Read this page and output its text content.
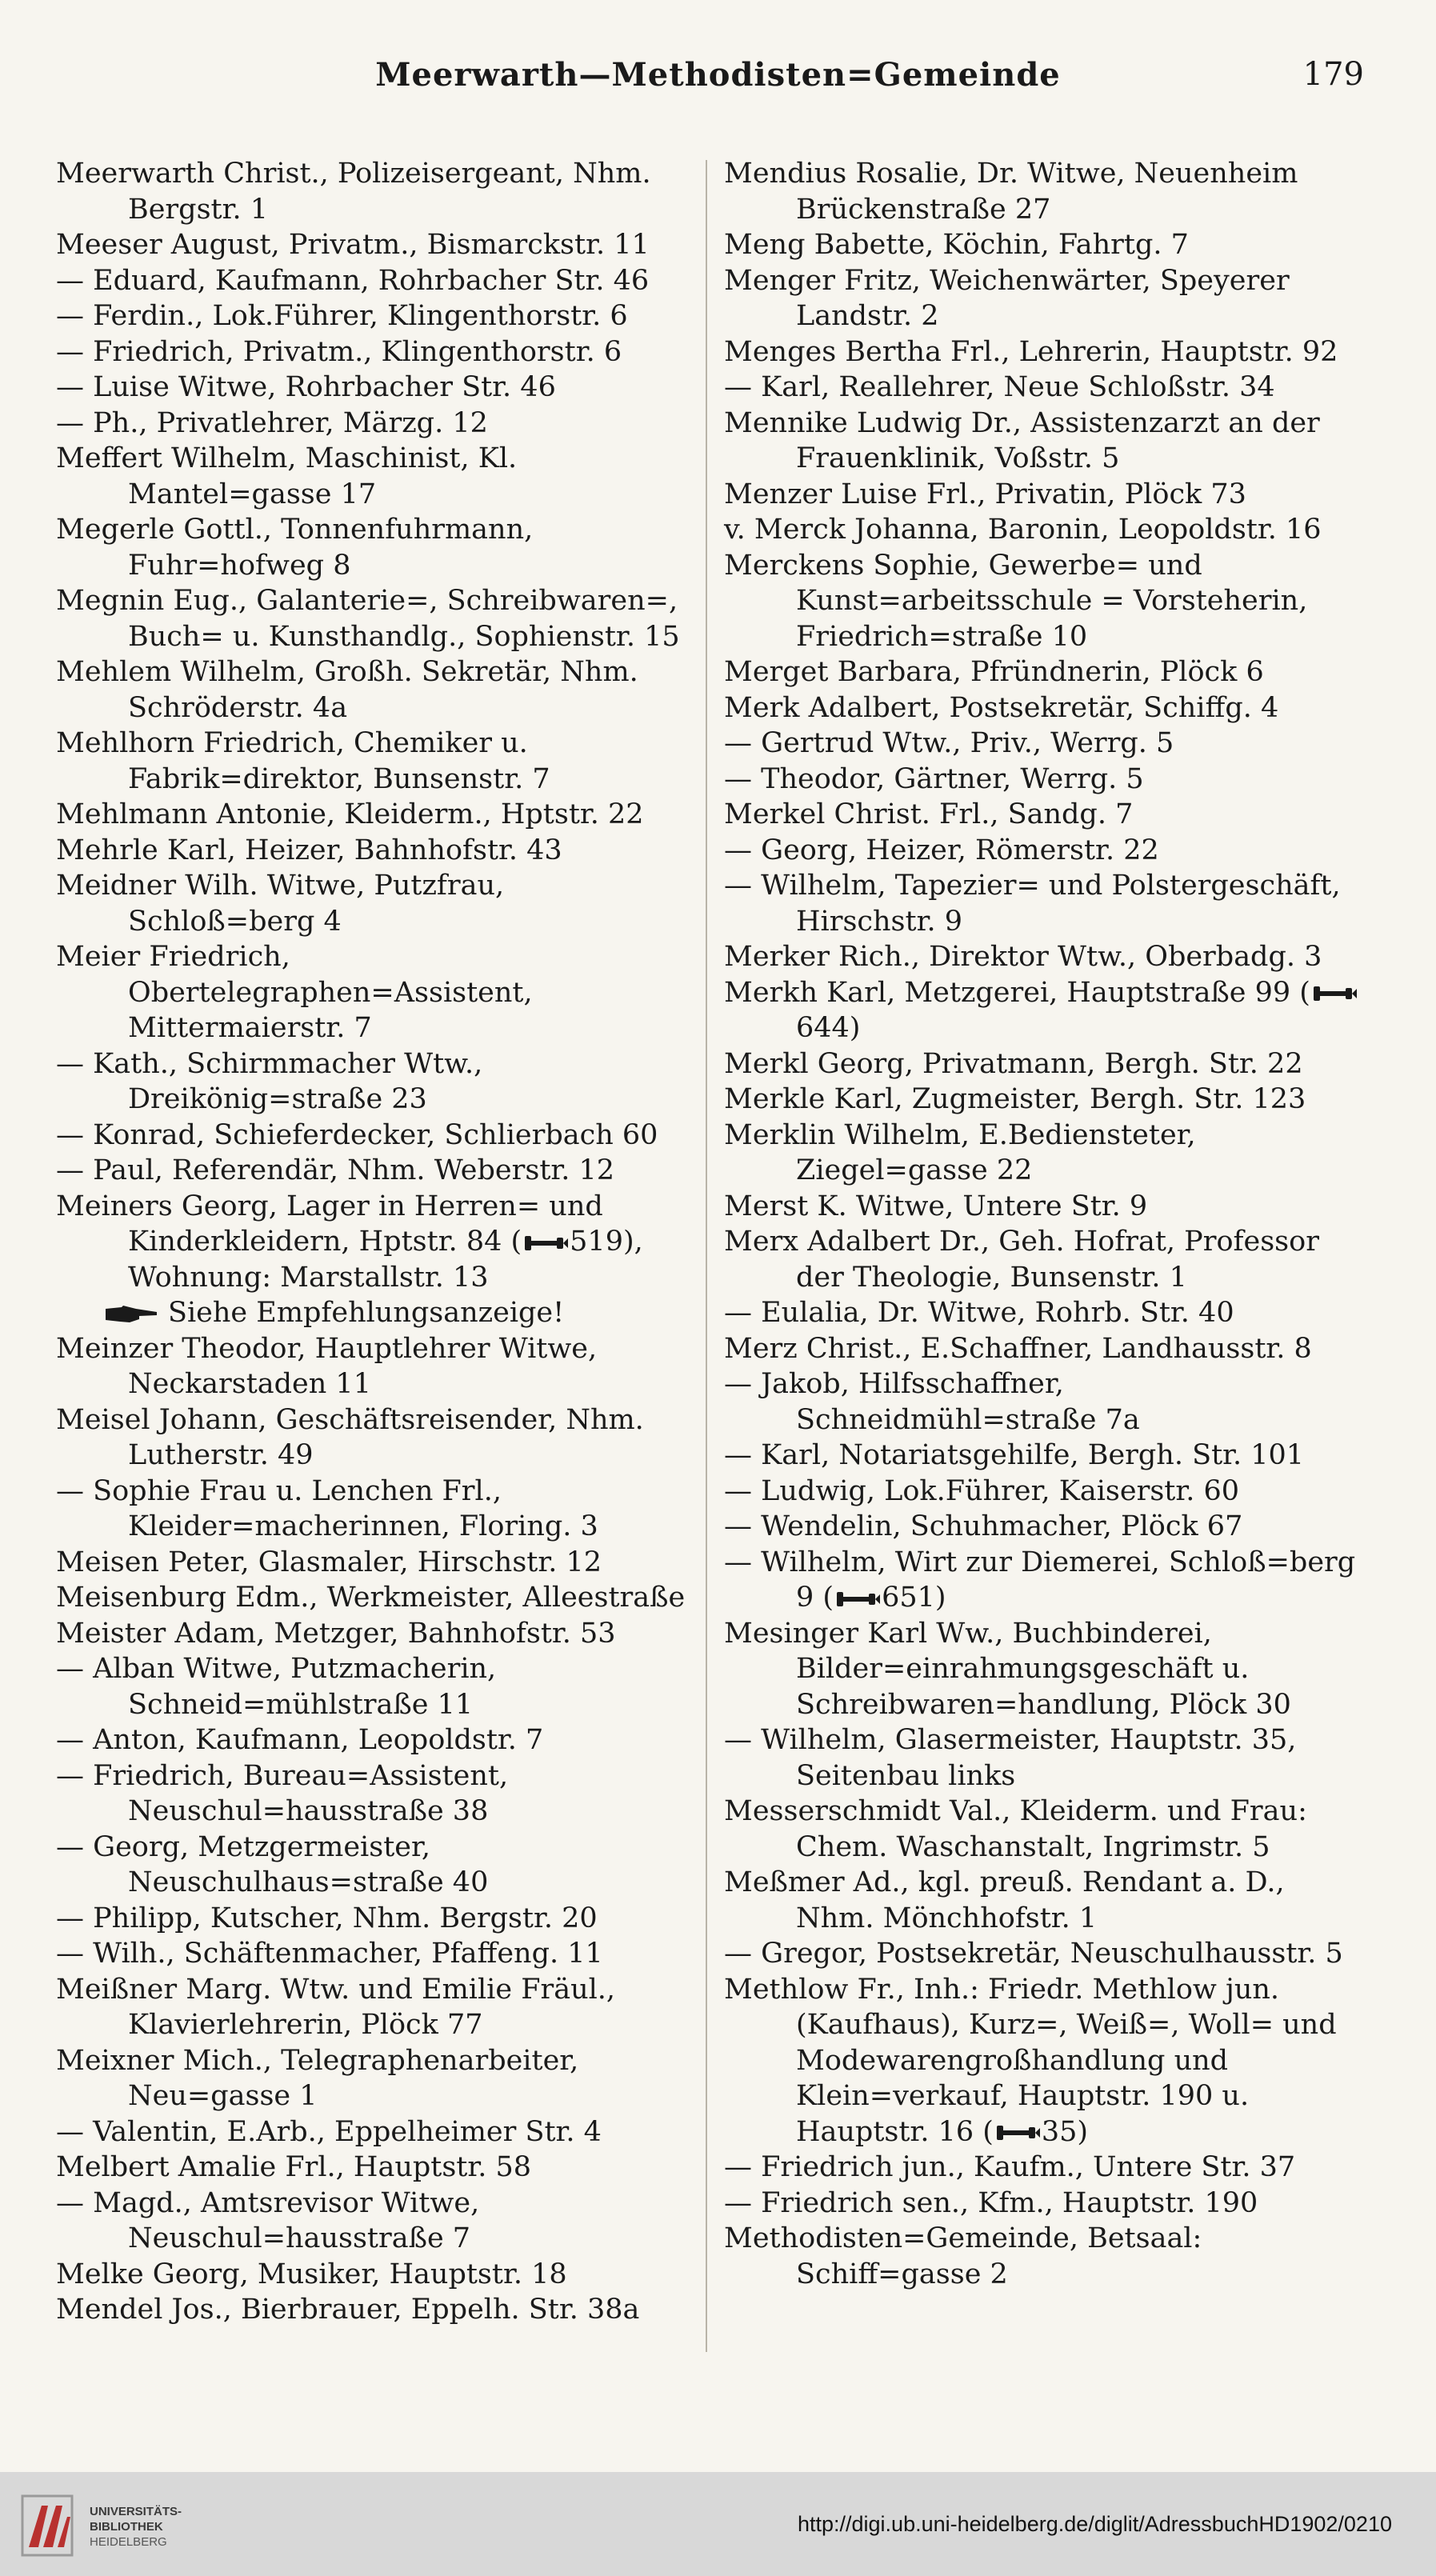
Meerwarth—Methodisten=Gemeinde	179
Meerwarth Christ., Polizeisergeant, Nhm. Bergstr. 1
Meeser August, Privatm., Bismarckstr. 11
— Eduard, Kaufmann, Rohrbacher Str. 46
— Ferdin., Lok.Führer, Klingenthorstr. 6
— Friedrich, Privatm., Klingenthorstr. 6
— Luise Witwe, Rohrbacher Str. 46
— Ph., Privatlehrer, Märzg. 12
Meffert Wilhelm, Maschinist, Kl. Mantel=gasse 17
Megerle Gottl., Tonnenfuhrmann, Fuhr=hofweg 8
Megnin Eug., Galanterie=, Schreibwaren=, Buch= u. Kunsthandlg., Sophienstr. 15
Mehlem Wilhelm, Großh. Sekretär, Nhm. Schröderstr. 4a
Mehlhorn Friedrich, Chemiker u. Fabrik=direktor, Bunsenstr. 7
Mehlmann Antonie, Kleiderm., Hptstr. 22
Mehrle Karl, Heizer, Bahnhofstr. 43
Meidner Wilh. Witwe, Putzfrau, Schloß=berg 4
Meier Friedrich, Obertelegraphen=Assistent, Mittermaierstr. 7
— Kath., Schirmmacher Wtw., Dreikönig=straße 23
— Konrad, Schieferdecker, Schlierbach 60
— Paul, Referendär, Nhm. Weberstr. 12
Meiners Georg, Lager in Herren= und Kinderkleidern, Hptstr. 84 ( 519), Wohnung: Marstallstr. 13
Siehe Empfehlungsanzeige!
Meinzer Theodor, Hauptlehrer Witwe, Neckarstaden 11
Meisel Johann, Geschäftsreisender, Nhm. Lutherstr. 49
— Sophie Frau u. Lenchen Frl., Kleider=macherinnen, Floring. 3
Meisen Peter, Glasmaler, Hirschstr. 12
Meisenburg Edm., Werkmeister, Alleestraße
Meister Adam, Metzger, Bahnhofstr. 53
— Alban Witwe, Putzmacherin, Schneid=mühlstraße 11
— Anton, Kaufmann, Leopoldstr. 7
— Friedrich, Bureau=Assistent, Neuschul=hausstraße 38
— Georg, Metzgermeister, Neuschulhaus=straße 40
— Philipp, Kutscher, Nhm. Bergstr. 20
— Wilh., Schäftenmacher, Pfaffeng. 11
Meißner Marg. Wtw. und Emilie Fräul., Klavierlehrerin, Plöck 77
Meixner Mich., Telegraphenarbeiter, Neu=gasse 1
— Valentin, E.Arb., Eppelheimer Str. 4
Melbert Amalie Frl., Hauptstr. 58
— Magd., Amtsrevisor Witwe, Neuschul=hausstraße 7
Melke Georg, Musiker, Hauptstr. 18
Mendel Jos., Bierbrauer, Eppelh. Str. 38a
Mendius Rosalie, Dr. Witwe, Neuenheim Brückenstraße 27
Meng Babette, Köchin, Fahrtg. 7
Menger Fritz, Weichenwärter, Speyerer Landstr. 2
Menges Bertha Frl., Lehrerin, Hauptstr. 92
— Karl, Reallehrer, Neue Schloßstr. 34
Mennike Ludwig Dr., Assistenzarzt an der Frauenklinik, Voßstr. 5
Menzer Luise Frl., Privatin, Plöck 73
v. Merck Johanna, Baronin, Leopoldstr. 16
Merckens Sophie, Gewerbe= und Kunst=arbeitsschule = Vorsteherin, Friedrich=straße 10
Merget Barbara, Pfründnerin, Plöck 6
Merk Adalbert, Postsekretär, Schiffg. 4
— Gertrud Wtw., Priv., Werrg. 5
— Theodor, Gärtner, Werrg. 5
Merkel Christ. Frl., Sandg. 7
— Georg, Heizer, Römerstr. 22
— Wilhelm, Tapezier= und Polstergeschäft, Hirschstr. 9
Merker Rich., Direktor Wtw., Oberbadg. 3
Merkh Karl, Metzgerei, Hauptstraße 99 (644)
Merkl Georg, Privatmann, Bergh. Str. 22
Merkle Karl, Zugmeister, Bergh. Str. 123
Merklin Wilhelm, E.Bediensteter, Ziegel=gasse 22
Merst K. Witwe, Untere Str. 9
Merx Adalbert Dr., Geh. Hofrat, Professor der Theologie, Bunsenstr. 1
— Eulalia, Dr. Witwe, Rohrb. Str. 40
Merz Christ., E.Schaffner, Landhausstr. 8
— Jakob, Hilfsschaffner, Schneidmühl=straße 7a
— Karl, Notariatsgehilfe, Bergh. Str. 101
— Ludwig, Lok.Führer, Kaiserstr. 60
— Wendelin, Schuhmacher, Plöck 67
— Wilhelm, Wirt zur Diemerei, Schloß=berg 9 ( 651)
Mesinger Karl Ww., Buchbinderei, Bilder=einrahmungsgeschäft u. Schreibwaren=handlung, Plöck 30
— Wilhelm, Glasermeister, Hauptstr. 35, Seitenbau links
Messerschmidt Val., Kleiderm. und Frau: Chem. Waschanstalt, Ingrimstr. 5
Meßmer Ad., kgl. preuß. Rendant a. D., Nhm. Mönchhofstr. 1
— Gregor, Postsekretär, Neuschulhausstr. 5
Methlow Fr., Inh.: Friedr. Methlow jun. (Kaufhaus), Kurz=, Weiß=, Woll= und Modewarengroßhandlung und Klein=verkauf, Hauptstr. 190 u. Hauptstr. 16 ( 35)
— Friedrich jun., Kaufm., Untere Str. 37
— Friedrich sen., Kfm., Hauptstr. 190
Methodisten=Gemeinde, Betsaal: Schiff=gasse 2
UNIVERSITÄTS-
BIBLIOTHEK
HEIDELBERG
http://digi.ub.uni-heidelberg.de/diglit/AdressbuchHD1902/0210
